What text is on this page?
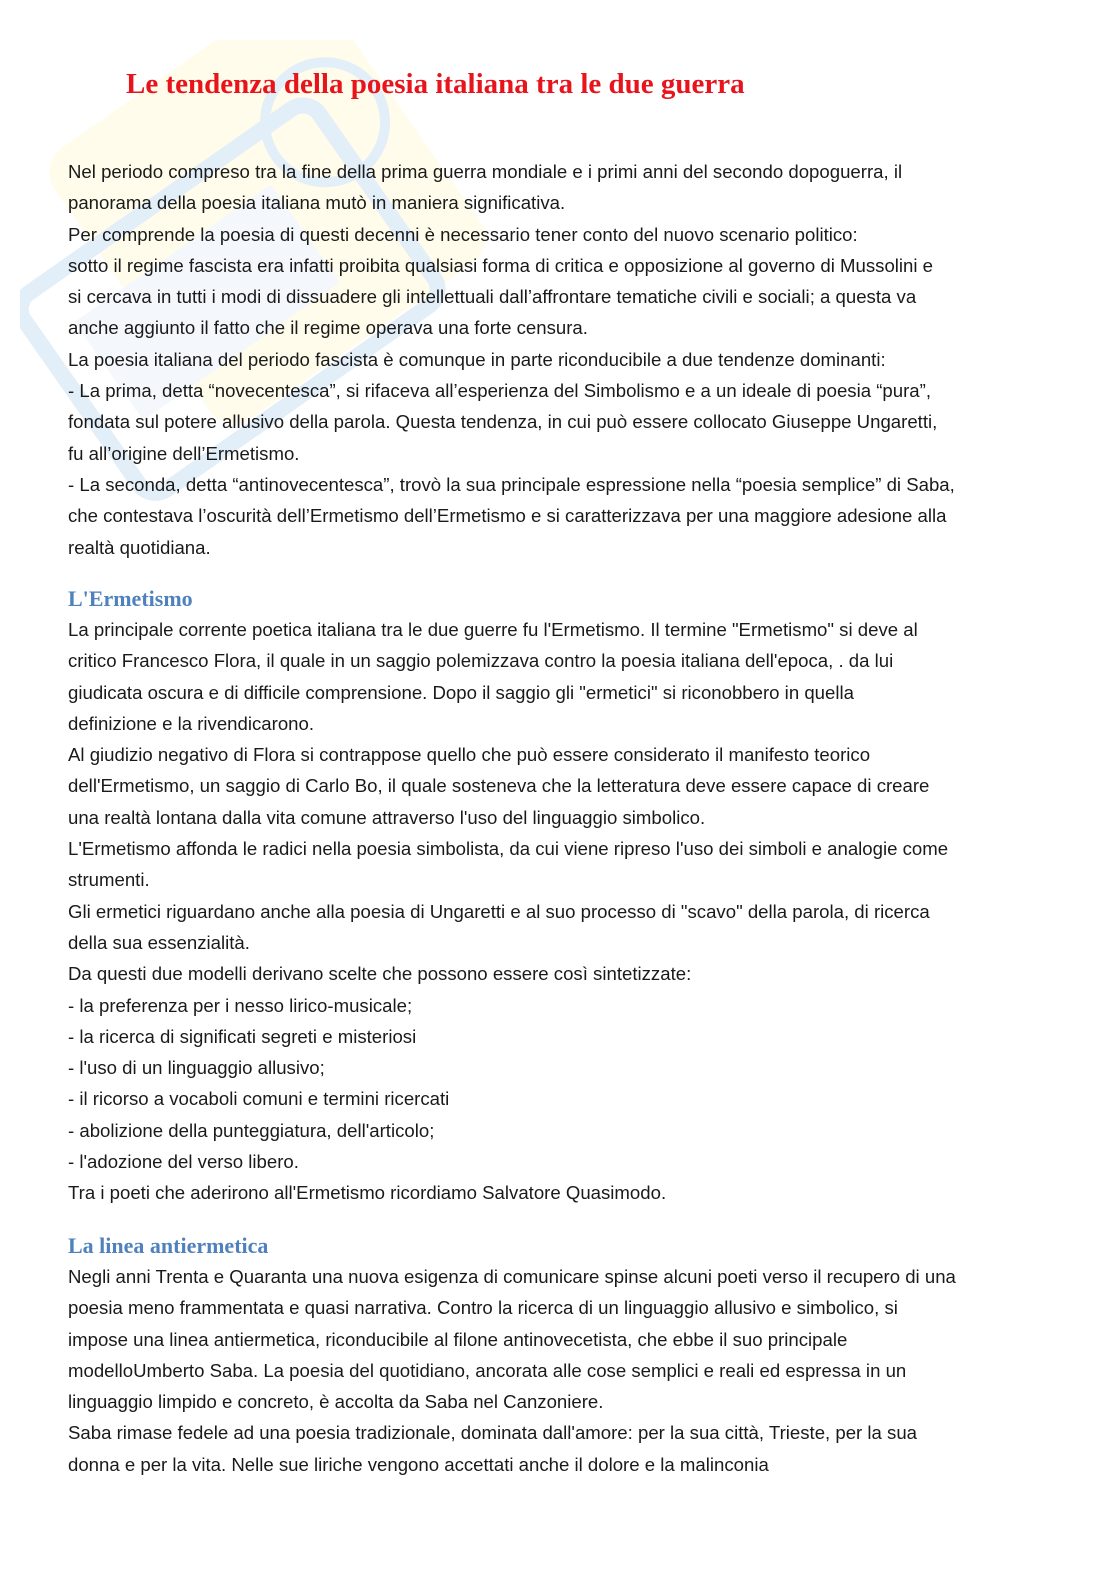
Le tendenza della poesia italiana tra le due guerra
Nel periodo compreso tra la fine della prima guerra mondiale e i primi anni del secondo dopoguerra, il
panorama della poesia italiana mutò in maniera significativa.
Per comprende la poesia di questi decenni è necessario tener conto del nuovo scenario politico:
sotto il regime fascista era infatti proibita qualsiasi forma di critica e opposizione al governo di Mussolini e
si cercava in tutti i modi di dissuadere gli intellettuali dall’affrontare tematiche civili e sociali; a questa va
anche aggiunto il fatto che il regime operava una forte censura.
La poesia italiana del periodo fascista è comunque in parte riconducibile a due tendenze dominanti:
- La prima, detta “novecentesca”, si rifaceva all’esperienza del Simbolismo e a un ideale di poesia “pura”,
fondata sul potere allusivo della parola. Questa tendenza, in cui può essere collocato Giuseppe Ungaretti,
fu all’origine dell’Ermetismo.
- La seconda, detta “antinovecentesca”, trovò la sua principale espressione nella “poesia semplice” di Saba,
che contestava l’oscurità dell’Ermetismo dell’Ermetismo e si caratterizzava per una maggiore adesione alla
realtà quotidiana.
L'Ermetismo
La principale corrente poetica italiana tra le due guerre fu l'Ermetismo. Il termine "Ermetismo" si deve al
critico Francesco Flora, il quale in un saggio polemizzava contro la poesia italiana dell'epoca, . da lui
giudicata oscura e di difficile comprensione. Dopo il saggio gli "ermetici" si riconobbero in quella
definizione e la rivendicarono.
Al giudizio negativo di Flora si contrappose quello che può essere considerato il manifesto teorico
dell'Ermetismo, un saggio di Carlo Bo, il quale sosteneva che la letteratura deve essere capace di creare
una realtà lontana dalla vita comune attraverso l'uso del linguaggio simbolico.
L'Ermetismo affonda le radici nella poesia simbolista, da cui viene ripreso l'uso dei simboli e analogie come
strumenti.
Gli ermetici riguardano anche alla poesia di Ungaretti e al suo processo di "scavo" della parola, di ricerca
della sua essenzialità.
Da questi due modelli derivano scelte che possono essere così sintetizzate:
- la preferenza per i nesso lirico-musicale;
- la ricerca di significati segreti e misteriosi
- l'uso di un linguaggio allusivo;
- il ricorso a vocaboli comuni e termini ricercati
- abolizione della punteggiatura, dell'articolo;
- l'adozione del verso libero.
Tra i poeti che aderirono all'Ermetismo ricordiamo Salvatore Quasimodo.
La linea antiermetica
Negli anni Trenta e Quaranta una nuova esigenza di comunicare spinse alcuni poeti verso il recupero di una
poesia meno frammentata e quasi narrativa. Contro la ricerca di un linguaggio allusivo e simbolico, si
impose una linea antiermetica, riconducibile al filone antinovecetista, che ebbe il suo principale
modelloUmberto Saba. La poesia del quotidiano, ancorata alle cose semplici e reali ed espressa in un
linguaggio limpido e concreto, è accolta da Saba nel Canzoniere.
Saba rimase fedele ad una poesia tradizionale, dominata dall'amore: per la sua città, Trieste, per la sua
donna e per la vita. Nelle sue liriche vengono accettati anche il dolore e la malinconia
